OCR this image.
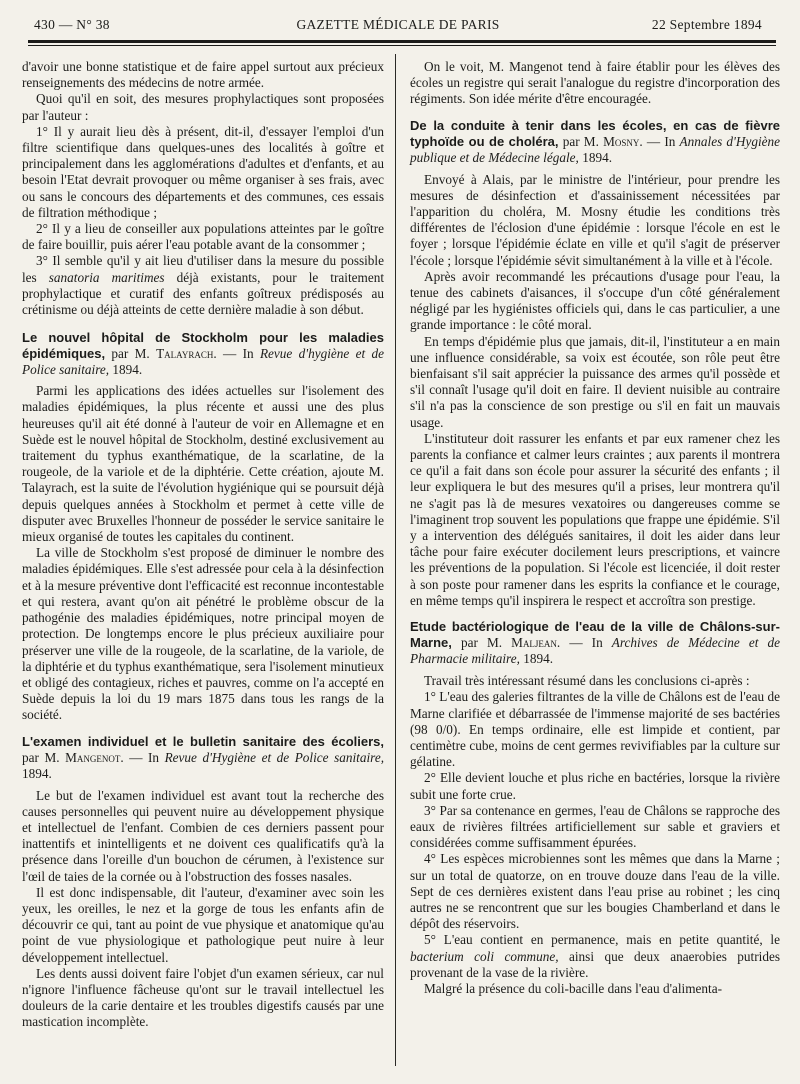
430 — N° 38	GAZETTE MÉDICALE DE PARIS	22 Septembre 1894

d'avoir une bonne statistique et de faire appel surtout aux précieux renseignements des médecins de notre armée.

Quoi qu'il en soit, des mesures prophylactiques sont proposées par l'auteur :

1° Il y aurait lieu dès à présent, dit-il, d'essayer l'emploi d'un filtre scientifique dans quelques-unes des localités à goître et principalement dans les agglomérations d'adultes et d'enfants, et au besoin l'Etat devrait provoquer ou même organiser à ses frais, avec ou sans le concours des départements et des communes, ces essais de filtration méthodique ;

2° Il y a lieu de conseiller aux populations atteintes par le goître de faire bouillir, puis aérer l'eau potable avant de la consommer ;

3° Il semble qu'il y ait lieu d'utiliser dans la mesure du possible les sanatoria maritimes déjà existants, pour le traitement prophylactique et curatif des enfants goîtreux prédisposés au crétinisme ou déjà atteints de cette dernière maladie à son début.

Le nouvel hôpital de Stockholm pour les maladies épidémiques, par M. Talayrach. — In Revue d'hygiène et de Police sanitaire, 1894.

Parmi les applications des idées actuelles sur l'isolement des maladies épidémiques, la plus récente et aussi une des plus heureuses qu'il ait été donné à l'auteur de voir en Allemagne et en Suède est le nouvel hôpital de Stockholm, destiné exclusivement au traitement du typhus exanthématique, de la scarlatine, de la rougeole, de la variole et de la diphtérie. Cette création, ajoute M. Talayrach, est la suite de l'évolution hygiénique qui se poursuit déjà depuis quelques années à Stockholm et permet à cette ville de disputer avec Bruxelles l'honneur de posséder le service sanitaire le mieux organisé de toutes les capitales du continent.

La ville de Stockholm s'est proposé de diminuer le nombre des maladies épidémiques. Elle s'est adressée pour cela à la désinfection et à la mesure préventive dont l'efficacité est reconnue incontestable et qui restera, avant qu'on ait pénétré le problème obscur de la pathogénie des maladies épidémiques, notre principal moyen de protection. De longtemps encore le plus précieux auxiliaire pour préserver une ville de la rougeole, de la scarlatine, de la variole, de la diphtérie et du typhus exanthématique, sera l'isolement minutieux et obligé des contagieux, riches et pauvres, comme on l'a accepté en Suède depuis la loi du 19 mars 1875 dans tous les rangs de la société.

L'examen individuel et le bulletin sanitaire des écoliers, par M. Mangenot. — In Revue d'Hygiène et de Police sanitaire, 1894.

Le but de l'examen individuel est avant tout la recherche des causes personnelles qui peuvent nuire au développement physique et intellectuel de l'enfant. Combien de ces derniers passent pour inattentifs et inintelligents et ne doivent ces qualificatifs qu'à la présence dans l'oreille d'un bouchon de cérumen, à l'existence sur l'œil de taies de la cornée ou à l'obstruction des fosses nasales.

Il est donc indispensable, dit l'auteur, d'examiner avec soin les yeux, les oreilles, le nez et la gorge de tous les enfants afin de découvrir ce qui, tant au point de vue physique et anatomique qu'au point de vue physiologique et pathologique peut nuire à leur développement intellectuel.

Les dents aussi doivent faire l'objet d'un examen sérieux, car nul n'ignore l'influence fâcheuse qu'ont sur le travail intellectuel les douleurs de la carie dentaire et les troubles digestifs causés par une mastication incomplète.

On le voit, M. Mangenot tend à faire établir pour les élèves des écoles un registre qui serait l'analogue du registre d'incorporation des régiments. Son idée mérite d'être encouragée.

De la conduite à tenir dans les écoles, en cas de fièvre typhoïde ou de choléra, par M. Mosny. — In Annales d'Hygiène publique et de Médecine légale, 1894.

Envoyé à Alais, par le ministre de l'intérieur, pour prendre les mesures de désinfection et d'assainissement nécessitées par l'apparition du choléra, M. Mosny étudie les conditions très différentes de l'éclosion d'une épidémie : lorsque l'école en est le foyer ; lorsque l'épidémie éclate en ville et qu'il s'agit de préserver l'école ; lorsque l'épidémie sévit simultanément à la ville et à l'école.

Après avoir recommandé les précautions d'usage pour l'eau, la tenue des cabinets d'aisances, il s'occupe d'un côté généralement négligé par les hygiénistes officiels qui, dans le cas particulier, a une grande importance : le côté moral.

En temps d'épidémie plus que jamais, dit-il, l'instituteur a en main une influence considérable, sa voix est écoutée, son rôle peut être bienfaisant s'il sait apprécier la puissance des armes qu'il possède et s'il connaît l'usage qu'il doit en faire. Il devient nuisible au contraire s'il n'a pas la conscience de son prestige ou s'il en fait un mauvais usage.

L'instituteur doit rassurer les enfants et par eux ramener chez les parents la confiance et calmer leurs craintes ; aux parents il montrera ce qu'il a fait dans son école pour assurer la sécurité des enfants ; il leur expliquera le but des mesures qu'il a prises, leur montrera qu'il ne s'agit pas là de mesures vexatoires ou dangereuses comme se l'imaginent trop souvent les populations que frappe une épidémie. S'il y a intervention des délégués sanitaires, il doit les aider dans leur tâche pour faire exécuter docilement leurs prescriptions, et vaincre les préventions de la population. Si l'école est licenciée, il doit rester à son poste pour ramener dans les esprits la confiance et le courage, en même temps qu'il inspirera le respect et accroîtra son prestige.

Etude bactériologique de l'eau de la ville de Châlons-sur-Marne, par M. Maljean. — In Archives de Médecine et de Pharmacie militaire, 1894.

Travail très intéressant résumé dans les conclusions ci-après :

1° L'eau des galeries filtrantes de la ville de Châlons est de l'eau de Marne clarifiée et débarrassée de l'immense majorité de ses bactéries (98 0/0). En temps ordinaire, elle est limpide et contient, par centimètre cube, moins de cent germes revivifiables par la culture sur gélatine.

2° Elle devient louche et plus riche en bactéries, lorsque la rivière subit une forte crue.

3° Par sa contenance en germes, l'eau de Châlons se rapproche des eaux de rivières filtrées artificiellement sur sable et graviers et considérées comme suffisamment épurées.

4° Les espèces microbiennes sont les mêmes que dans la Marne ; sur un total de quatorze, on en trouve douze dans l'eau de la ville. Sept de ces dernières existent dans l'eau prise au robinet ; les cinq autres ne se rencontrent que sur les bougies Chamberland et dans le dépôt des réservoirs.

5° L'eau contient en permanence, mais en petite quantité, le bacterium coli commune, ainsi que deux anaerobies putrides provenant de la vase de la rivière.

Malgré la présence du coli-bacille dans l'eau d'alimenta-
